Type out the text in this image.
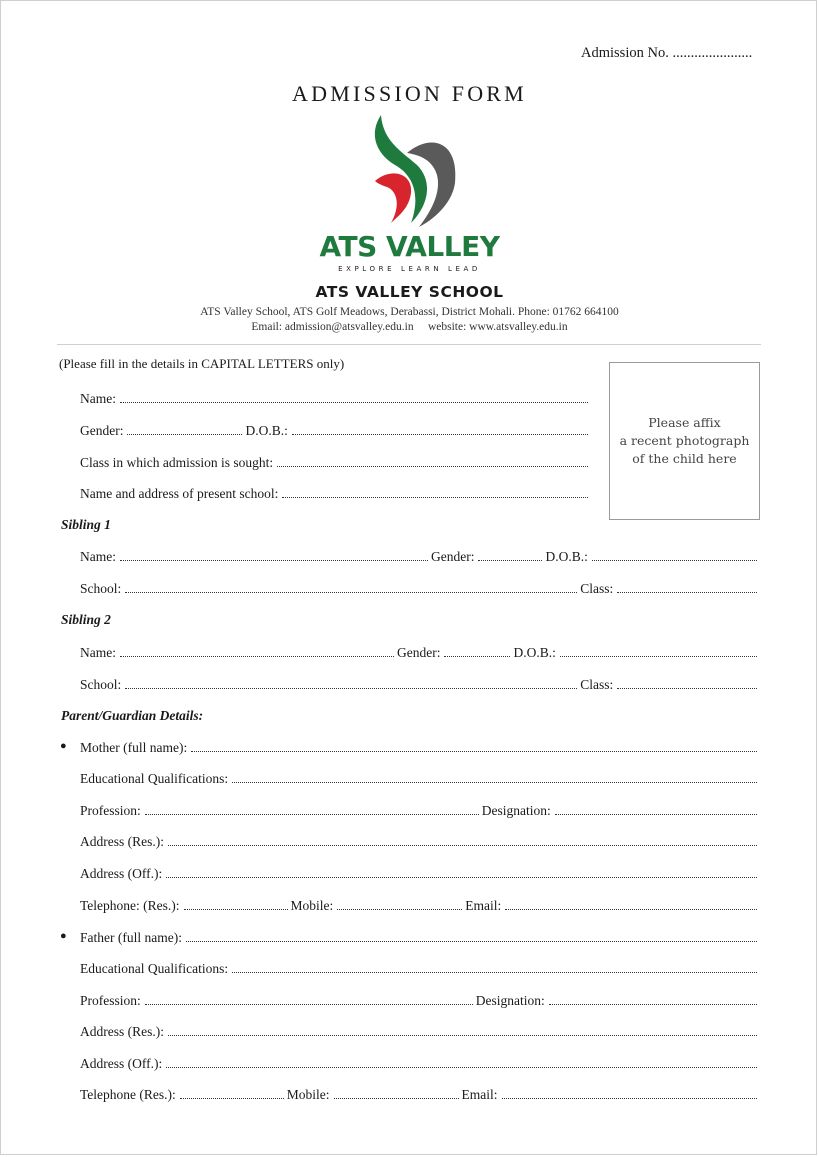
Admission No. ......................
ADMISSION FORM
ATS VALLEY
EXPLORE LEARN LEAD
ATS VALLEY SCHOOL
ATS Valley School, ATS Golf Meadows, Derabassi, District Mohali. Phone: 01762 664100
Email: admission@atsvalley.edu.in     website: www.atsvalley.edu.in
(Please fill in the details in CAPITAL LETTERS only)
Please affix
a recent photograph
of the child here
Name:
Gender:	D.O.B.:
Class in which admission is sought:
Name and address of present school:
Sibling 1
Name:	Gender:	D.O.B.:
School:	Class:
Sibling 2
Name:	Gender:	D.O.B.:
School:	Class:
Parent/Guardian Details:
● Mother (full name):
Educational Qualifications:
Profession:	Designation:
Address (Res.):
Address (Off.):
Telephone: (Res.):	Mobile:	Email:
● Father (full name):
Educational Qualifications:
Profession:	Designation:
Address (Res.):
Address (Off.):
Telephone (Res.):	Mobile:	Email:
